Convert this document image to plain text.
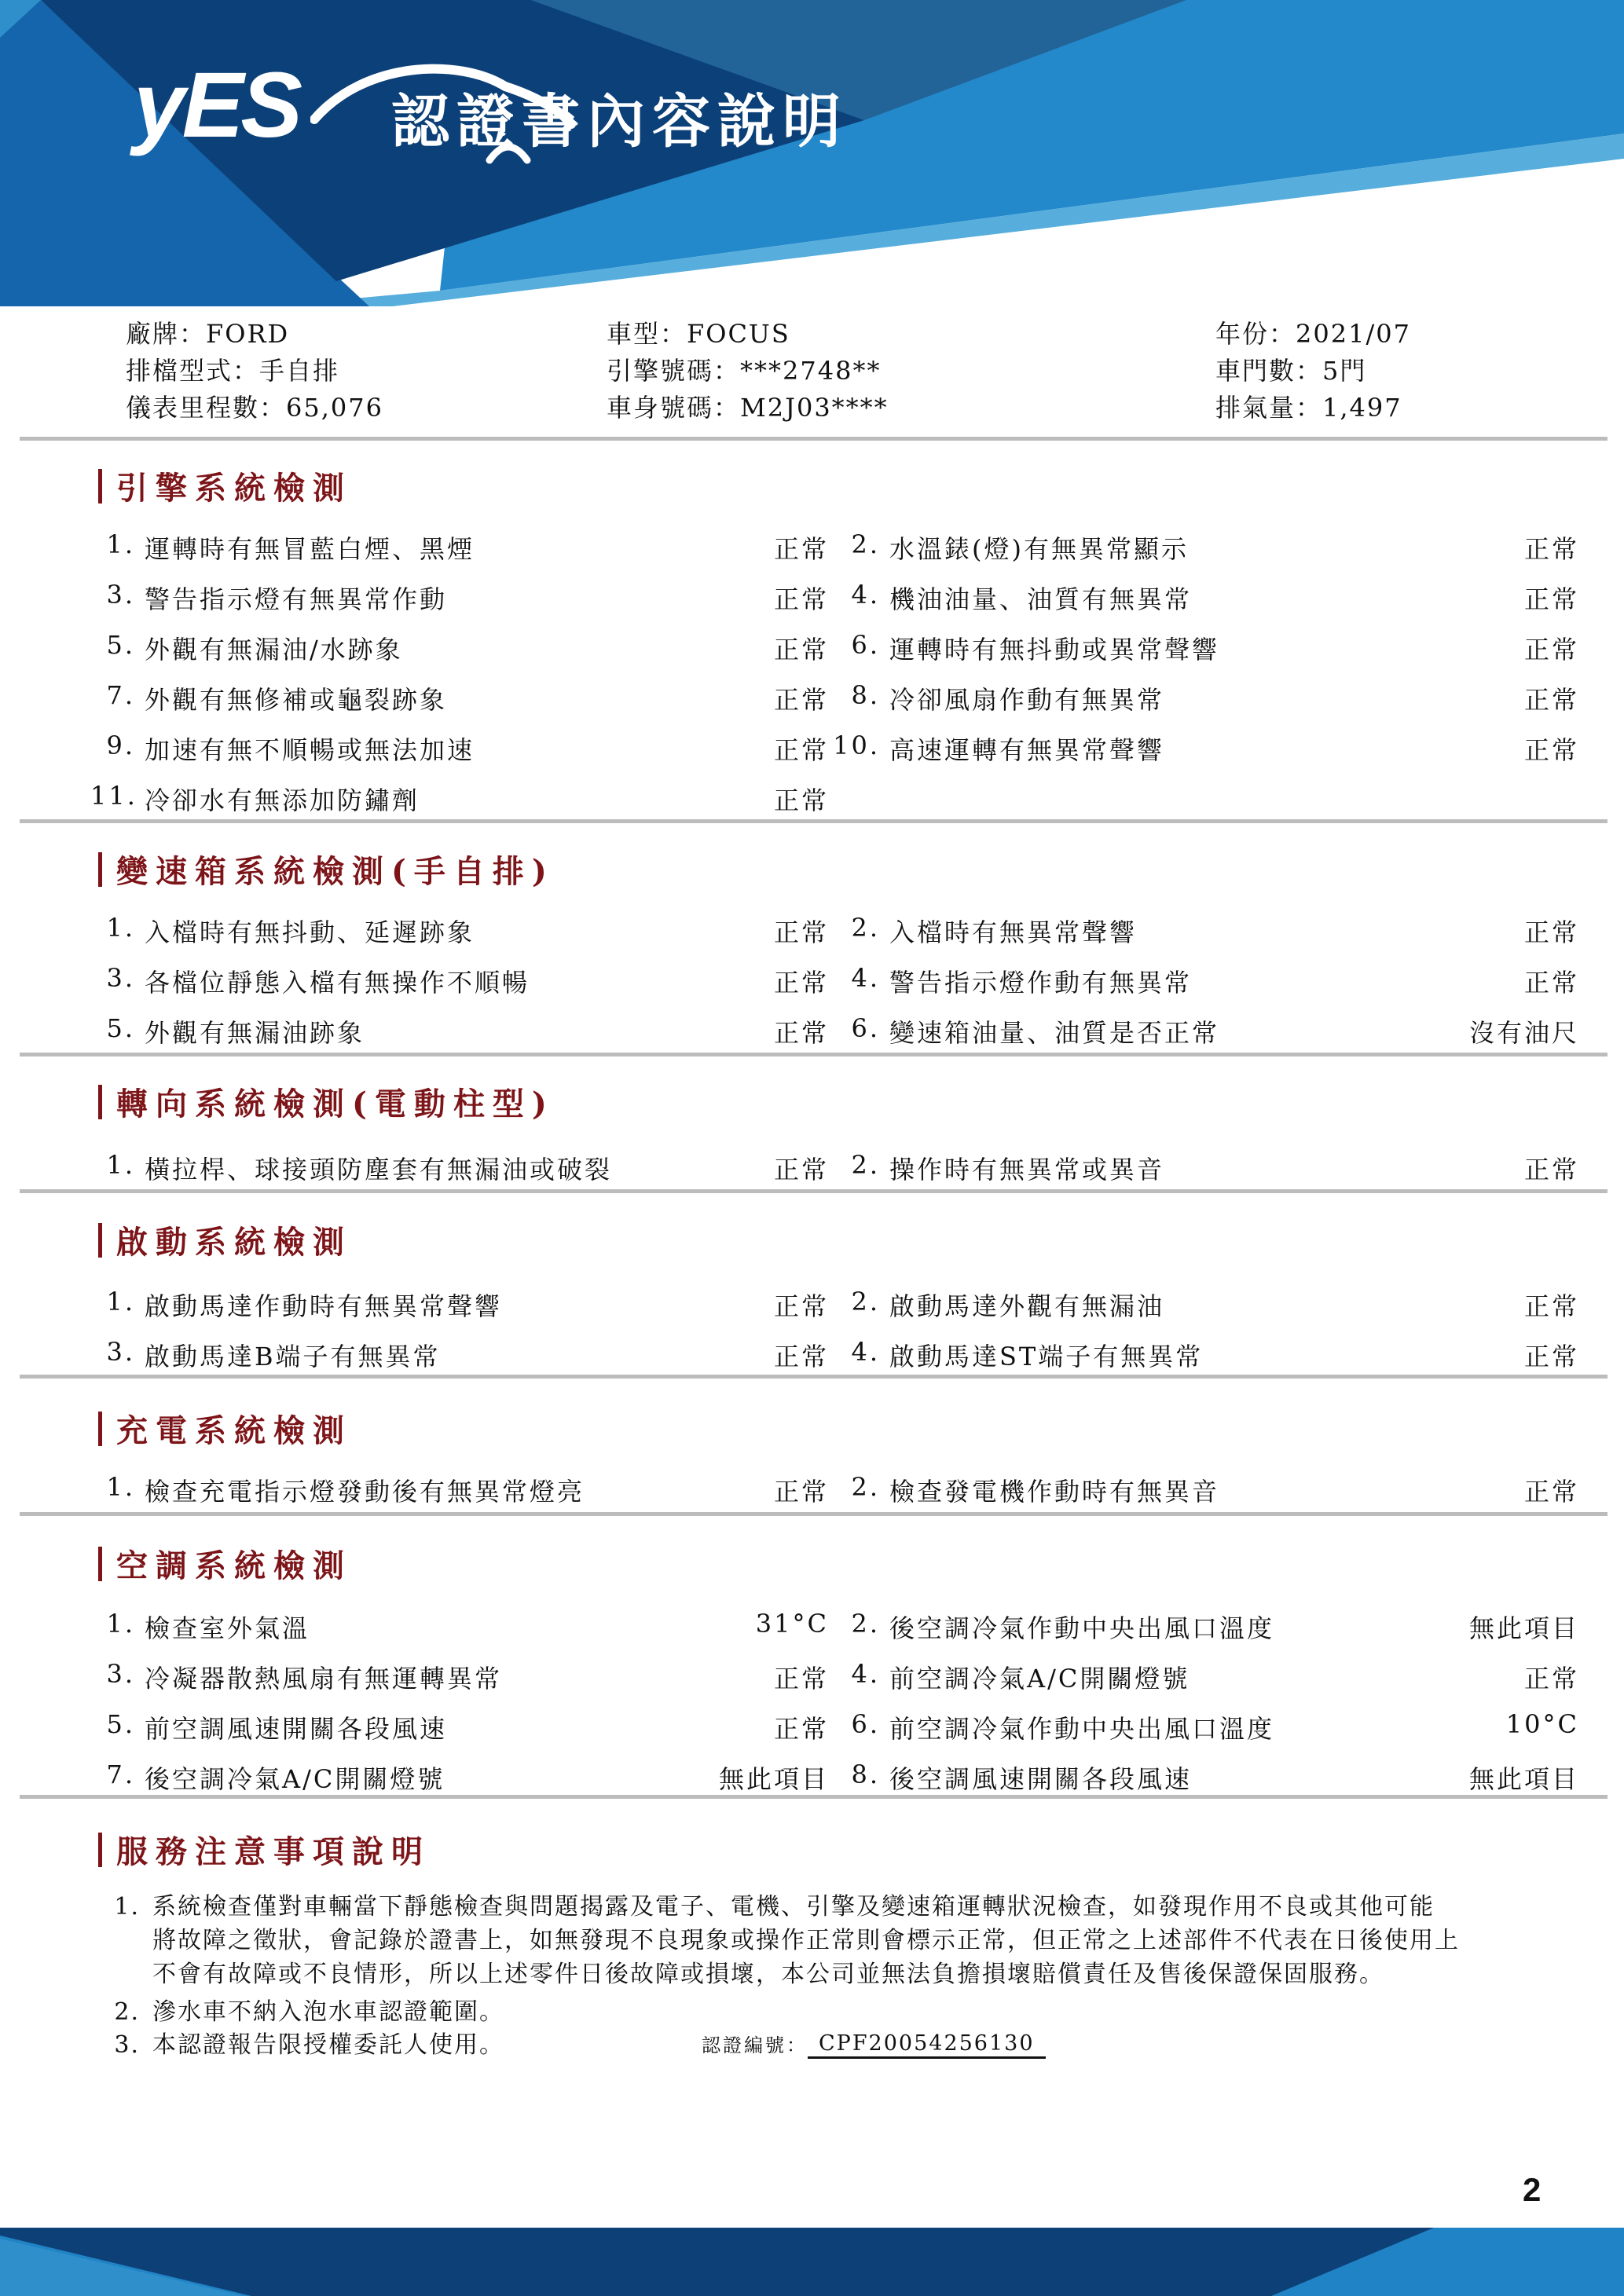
yES 認證書內容說明
廠牌：FORD	車型：FOCUS	年份：2021/07
排檔型式：手自排	引擎號碼：***2748**	車門數：5門
儀表里程數：65,076	車身號碼：M2J03****	排氣量：1,497
引擎系統檢測
1. 運轉時有無冒藍白煙、黑煙	正常 2. 水溫錶(燈)有無異常顯示	正常
3. 警告指示燈有無異常作動	正常 4. 機油油量、油質有無異常	正常
5. 外觀有無漏油/水跡象	正常 6. 運轉時有無抖動或異常聲響	正常
7. 外觀有無修補或龜裂跡象	正常 8. 冷卻風扇作動有無異常	正常
9. 加速有無不順暢或無法加速	正常 10. 高速運轉有無異常聲響	正常
11. 冷卻水有無添加防鏽劑	正常
變速箱系統檢測(手自排)
1. 入檔時有無抖動、延遲跡象	正常 2. 入檔時有無異常聲響	正常
3. 各檔位靜態入檔有無操作不順暢	正常 4. 警告指示燈作動有無異常	正常
5. 外觀有無漏油跡象	正常 6. 變速箱油量、油質是否正常	沒有油尺
轉向系統檢測(電動柱型)
1. 橫拉桿、球接頭防塵套有無漏油或破裂	正常 2. 操作時有無異常或異音	正常
啟動系統檢測
1. 啟動馬達作動時有無異常聲響	正常 2. 啟動馬達外觀有無漏油	正常
3. 啟動馬達B端子有無異常	正常 4. 啟動馬達ST端子有無異常	正常
充電系統檢測
1. 檢查充電指示燈發動後有無異常燈亮	正常 2. 檢查發電機作動時有無異音	正常
空調系統檢測
1. 檢查室外氣溫	31°C 2. 後空調冷氣作動中央出風口溫度	無此項目
3. 冷凝器散熱風扇有無運轉異常	正常 4. 前空調冷氣A/C開關燈號	正常
5. 前空調風速開關各段風速	正常 6. 前空調冷氣作動中央出風口溫度	10°C
7. 後空調冷氣A/C開關燈號	無此項目 8. 後空調風速開關各段風速	無此項目
服務注意事項說明
1. 系統檢查僅對車輛當下靜態檢查與問題揭露及電子、電機、引擎及變速箱運轉狀況檢查，如發現作用不良或其他可能
將故障之徵狀，會記錄於證書上，如無發現不良現象或操作正常則會標示正常，但正常之上述部件不代表在日後使用上
不會有故障或不良情形，所以上述零件日後故障或損壞，本公司並無法負擔損壞賠償責任及售後保證保固服務。
2. 滲水車不納入泡水車認證範圍。
3. 本認證報告限授權委託人使用。	認證編號： CPF20054256130
2
